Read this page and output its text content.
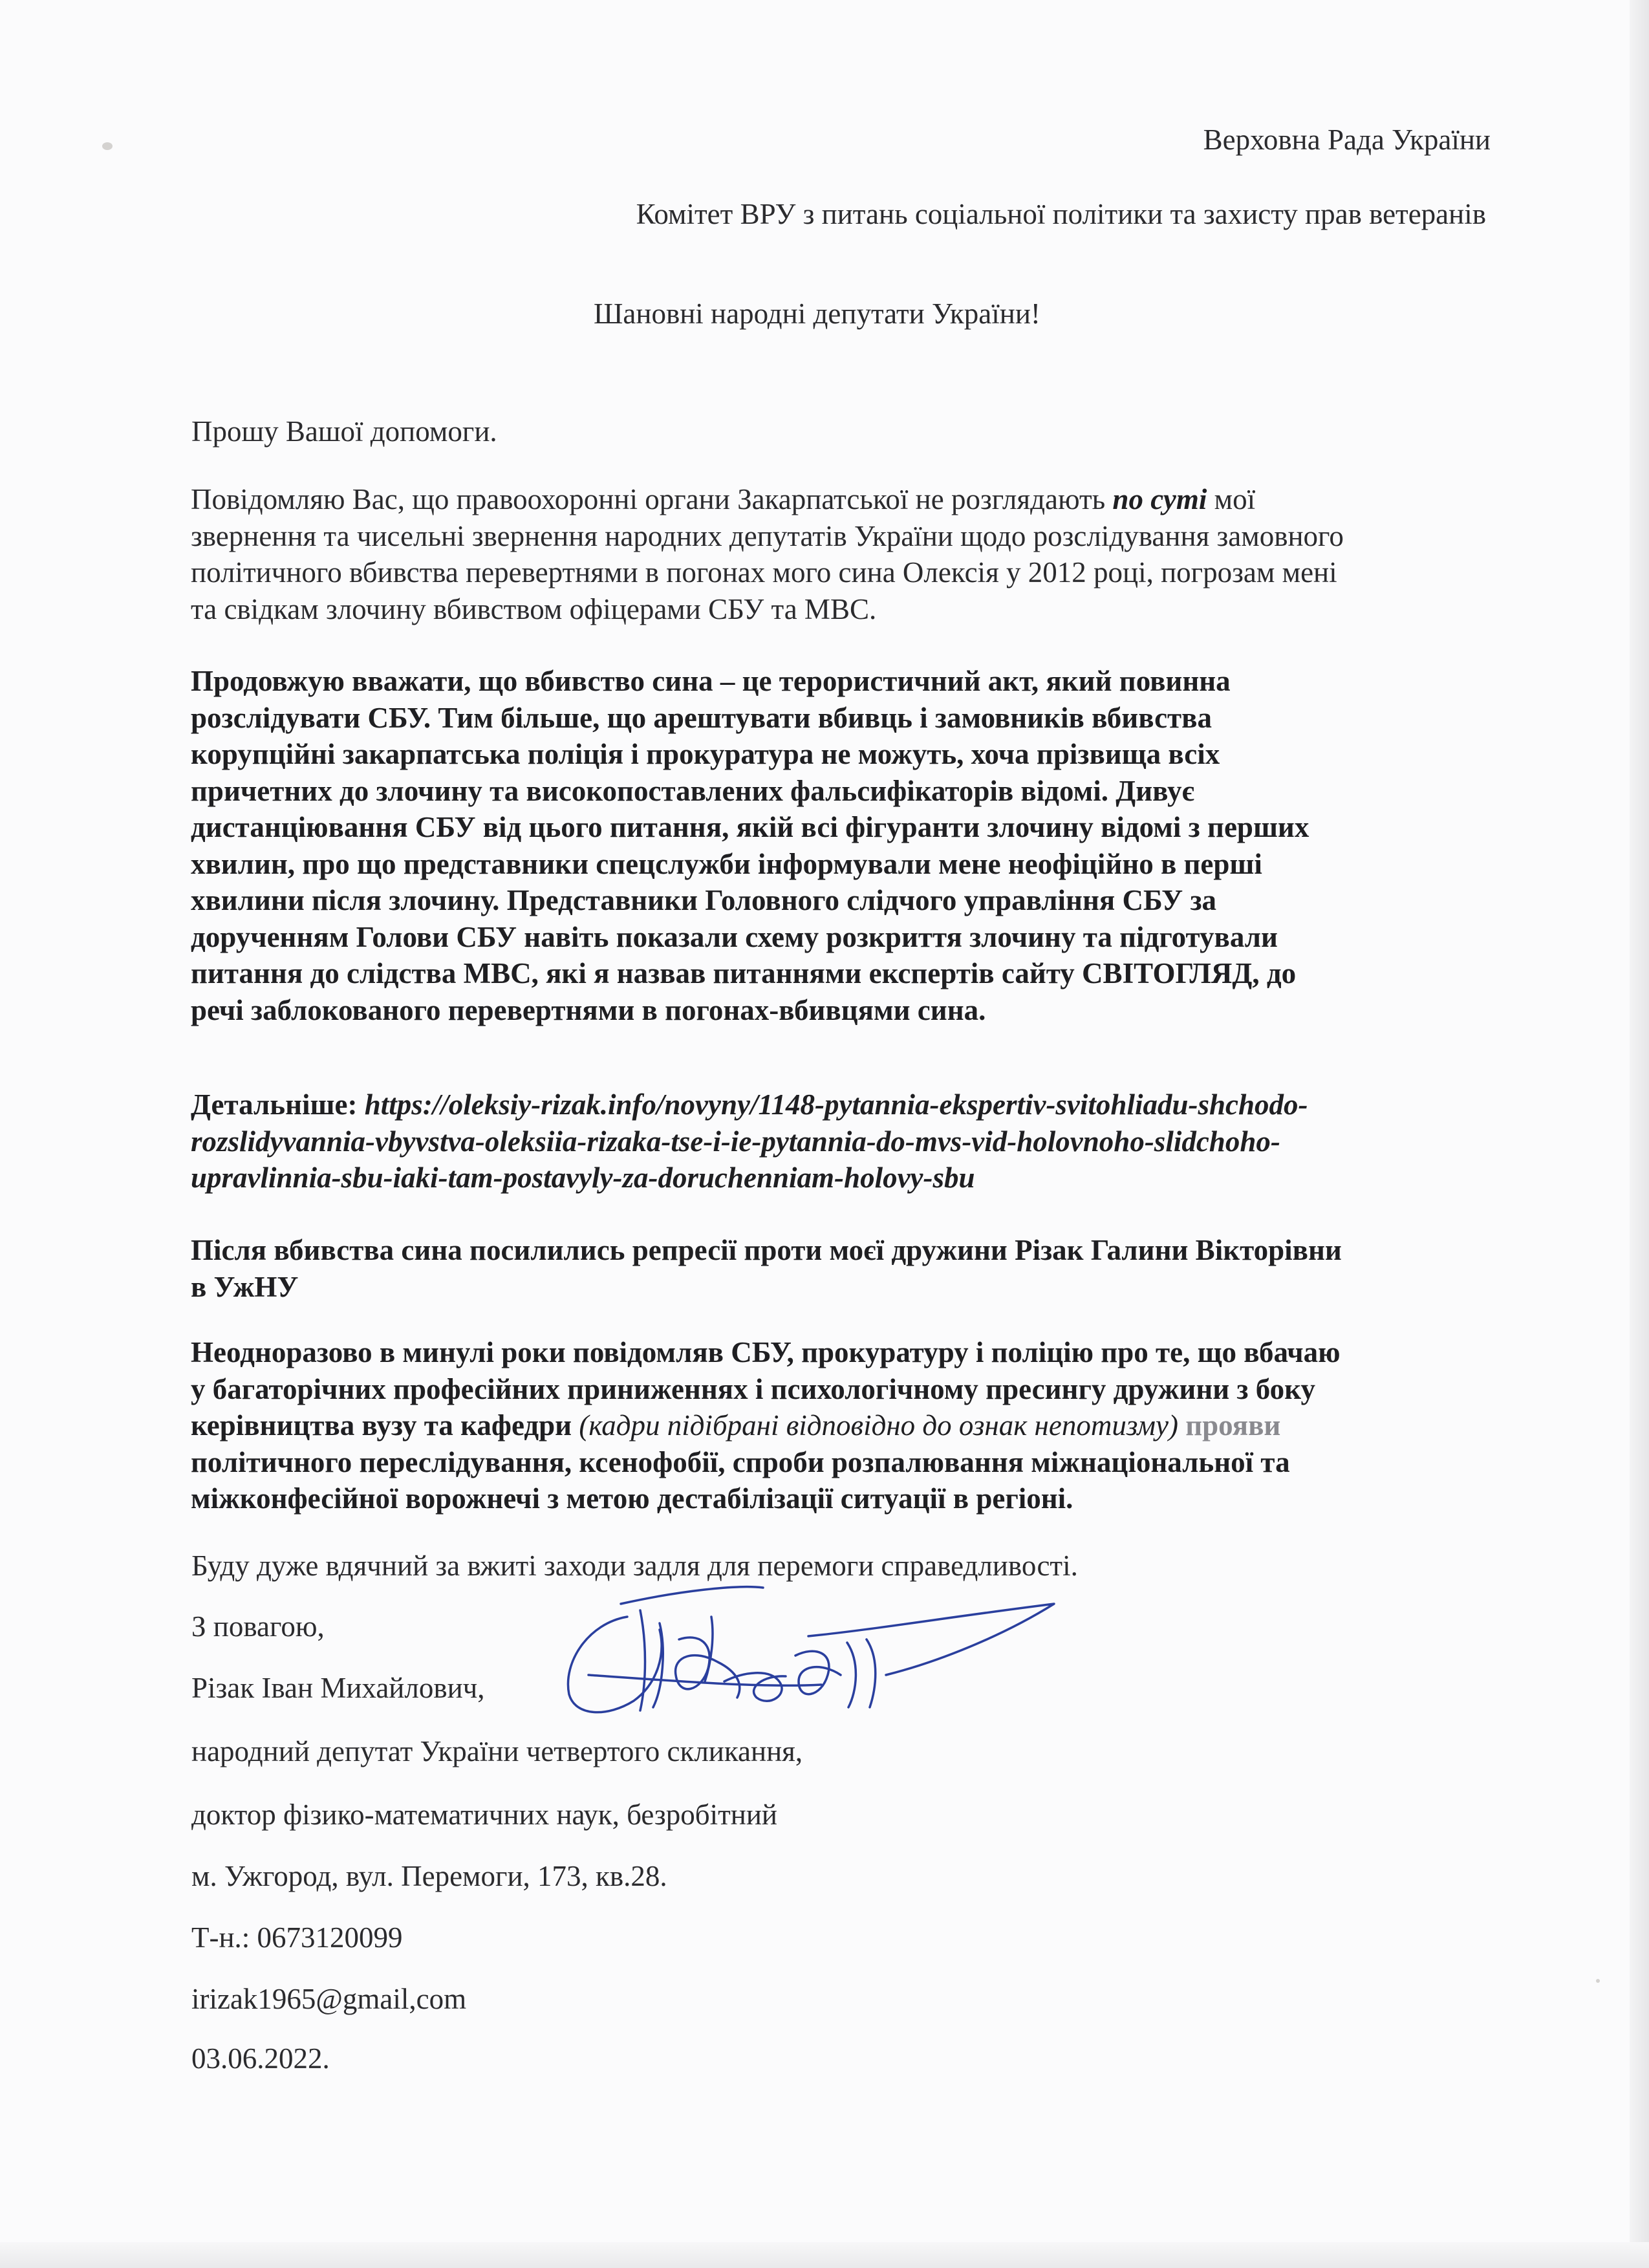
Верховна Рада України
Комітет ВРУ з питань соціальної політики та захисту прав ветеранів
Шановні народні депутати України!
Прошу Вашої допомоги.
Повідомляю Вас, що правоохоронні органи Закарпатської не розглядають по суті мої
звернення та чисельні звернення народних депутатів України щодо розслідування замовного
політичного вбивства перевертнями в погонах мого сина Олексія у 2012 році, погрозам мені
та свідкам злочину вбивством офіцерами СБУ та МВС.
Продовжую вважати, що вбивство сина – це терористичний акт, який повинна
розслідувати СБУ. Тим більше, що арештувати вбивць і замовників вбивства
корупційні закарпатська поліція і прокуратура не можуть, хоча прізвища всіх
причетних до злочину та високопоставлених фальсифікаторів відомі. Дивує
дистанціювання СБУ від цього питання, якій всі фігуранти злочину відомі з перших
хвилин, про що представники спецслужби інформували мене неофіційно в перші
хвилини після злочину. Представники Головного слідчого управління СБУ за
дорученням Голови СБУ навіть показали схему розкриття злочину та підготували
питання до слідства МВС, які я назвав питаннями експертів сайту СВІТОГЛЯД, до
речі заблокованого перевертнями в погонах-вбивцями сина.
Детальніше: https://oleksiy-rizak.info/novyny/1148-pytannia-ekspertiv-svitohliadu-shchodo-
rozslidyvannia-vbyvstva-oleksiia-rizaka-tse-i-ie-pytannia-do-mvs-vid-holovnoho-slidchoho-
upravlinnia-sbu-iaki-tam-postavyly-za-doruchenniam-holovy-sbu
Після вбивства сина посилились репресії проти моєї дружини Різак Галини Вікторівни
в УжНУ
Неодноразово в минулі роки повідомляв СБУ, прокуратуру і поліцію про те, що вбачаю
у багаторічних професійних приниженнях і психологічному пресингу дружини з боку
керівництва вузу та кафедри (кадри підібрані відповідно до ознак непотизму) прояви
політичного переслідування, ксенофобії, спроби розпалювання міжнаціональної та
міжконфесійної ворожнечі з метою дестабілізації ситуації в регіоні.
Буду дуже вдячний за вжиті заходи задля для перемоги справедливості.
З повагою,
Різак Іван Михайлович,
народний депутат України четвертого скликання,
доктор фізико-математичних наук, безробітний
м. Ужгород, вул. Перемоги, 173, кв.28.
Т-н.: 0673120099
irizak1965@gmail,com
03.06.2022.
